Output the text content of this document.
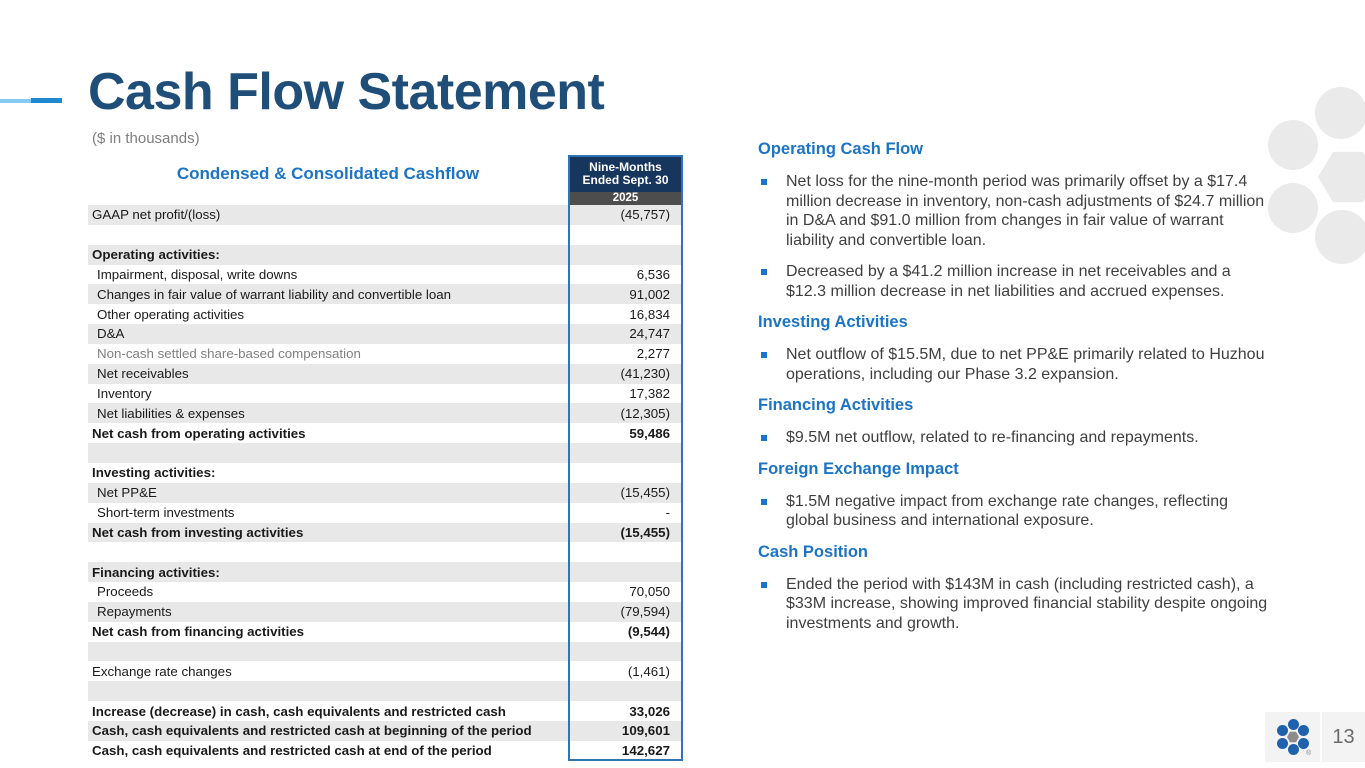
Cash Flow Statement
($ in thousands)
Condensed & Consolidated Cashflow	Nine-Months
Ended Sept. 30
2025
GAAP net profit/(loss)	(45,757)
Operating activities:
Impairment, disposal, write downs	6,536
Changes in fair value of warrant liability and convertible loan	91,002
Other operating activities	16,834
D&A	24,747
Non-cash settled share-based compensation	2,277
Net receivables	(41,230)
Inventory	17,382
Net liabilities & expenses	(12,305)
Net cash from operating activities	59,486
Investing activities:
Net PP&E	(15,455)
Short-term investments	-
Net cash from investing activities	(15,455)
Financing activities:
Proceeds	70,050
Repayments	(79,594)
Net cash from financing activities	(9,544)
Exchange rate changes	(1,461)
Increase (decrease) in cash, cash equivalents and restricted cash	33,026
Cash, cash equivalents and restricted cash at beginning of the period	109,601
Cash, cash equivalents and restricted cash at end of the period	142,627
Operating Cash Flow
Net loss for the nine-month period was primarily offset by a $17.4 million decrease in inventory, non-cash adjustments of $24.7 million in D&A and $91.0 million from changes in fair value of warrant liability and convertible loan.
Decreased by a $41.2 million increase in net receivables and a $12.3 million decrease in net liabilities and accrued expenses.
Investing Activities
Net outflow of $15.5M, due to net PP&E primarily related to Huzhou operations, including our Phase 3.2 expansion.
Financing Activities
$9.5M net outflow, related to re-financing and repayments.
Foreign Exchange Impact
$1.5M negative impact from exchange rate changes, reflecting global business and international exposure.
Cash Position
Ended the period with $143M in cash (including restricted cash), a $33M increase, showing improved financial stability despite ongoing investments and growth.
13
®
